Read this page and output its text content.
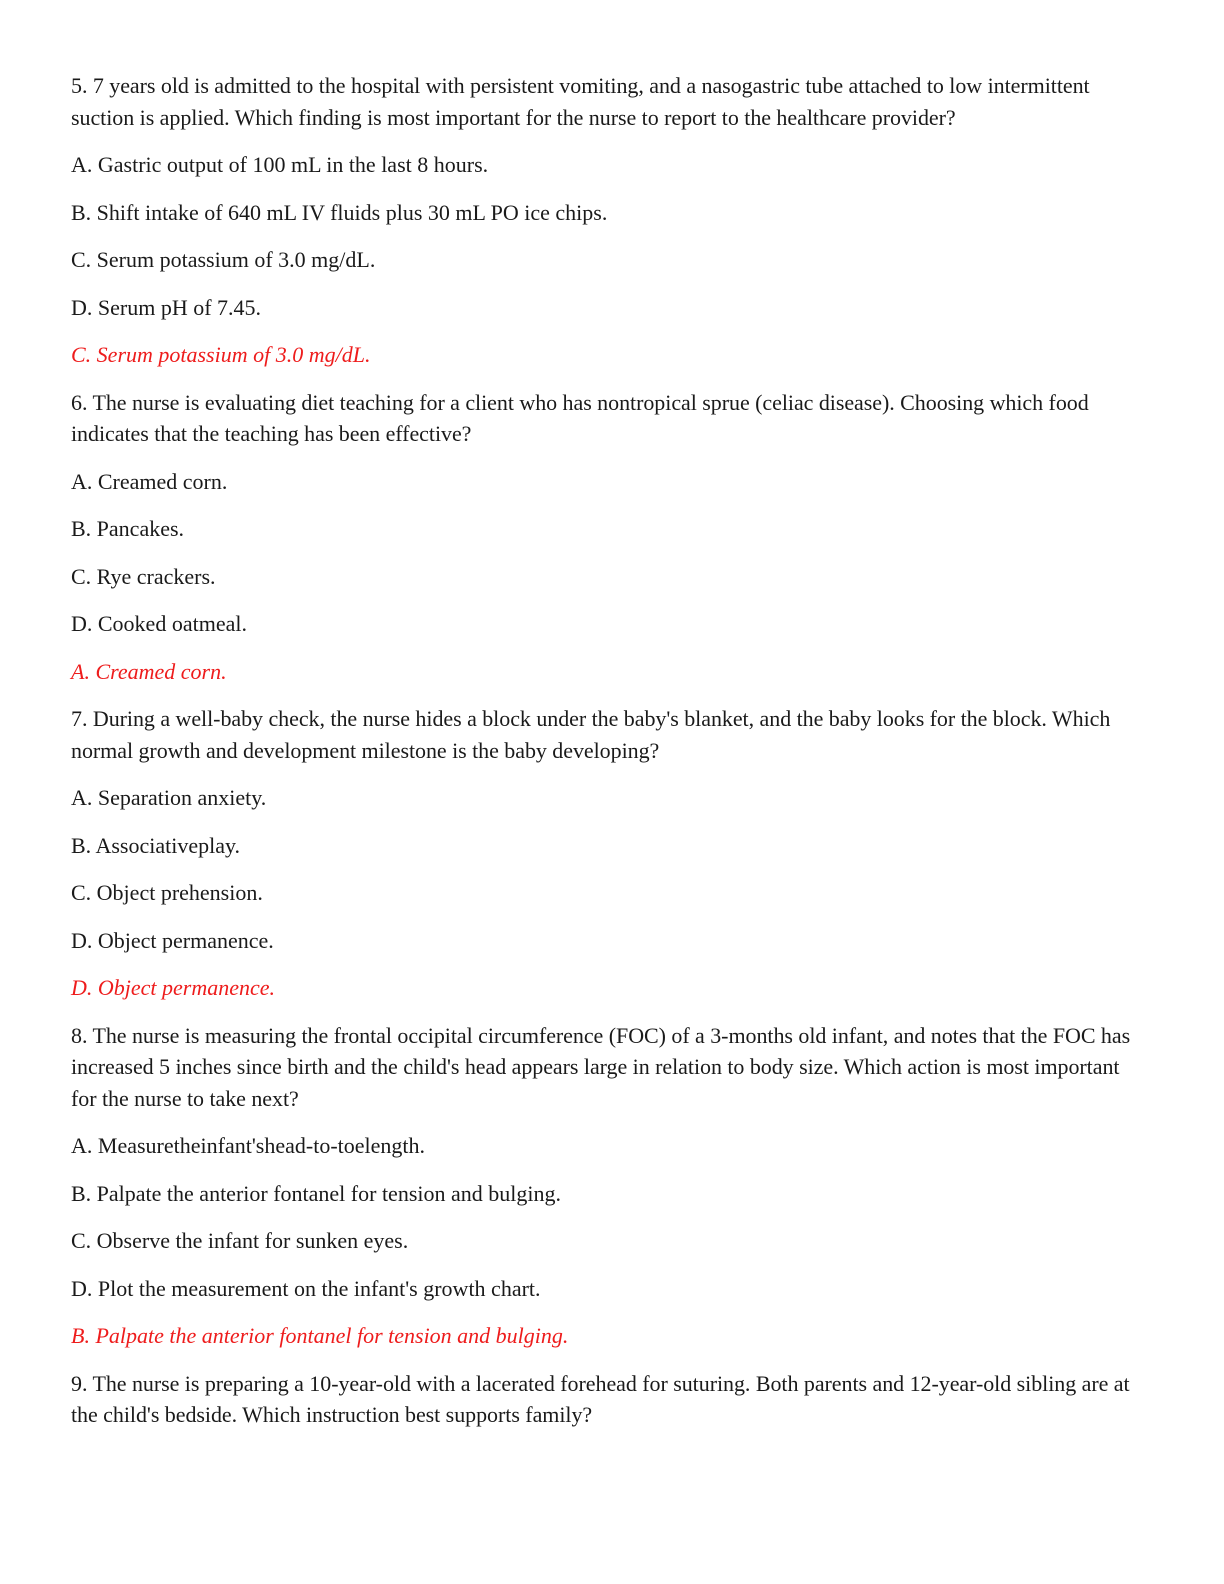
5. 7 years old is admitted to the hospital with persistent vomiting, and a nasogastric tube attached to low intermittent suction is applied. Which finding is most important for the nurse to report to the healthcare provider?

A. Gastric output of 100 mL in the last 8 hours.

B. Shift intake of 640 mL IV fluids plus 30 mL PO ice chips.

C. Serum potassium of 3.0 mg/dL.

D. Serum pH of 7.45.

C. Serum potassium of 3.0 mg/dL.

6. The nurse is evaluating diet teaching for a client who has nontropical sprue (celiac disease). Choosing which food indicates that the teaching has been effective?

A. Creamed corn.

B. Pancakes.

C. Rye crackers.

D. Cooked oatmeal.

A. Creamed corn.

7. During a well-baby check, the nurse hides a block under the baby's blanket, and the baby looks for the block. Which normal growth and development milestone is the baby developing?

A. Separation anxiety.

B. Associativeplay.

C. Object prehension.

D. Object permanence.

D. Object permanence.

8. The nurse is measuring the frontal occipital circumference (FOC) of a 3-months old infant, and notes that the FOC has increased 5 inches since birth and the child's head appears large in relation to body size. Which action is most important for the nurse to take next?

A. Measuretheinfant'shead-to-toelength.

B. Palpate the anterior fontanel for tension and bulging.

C. Observe the infant for sunken eyes.

D. Plot the measurement on the infant's growth chart.

B. Palpate the anterior fontanel for tension and bulging.

9. The nurse is preparing a 10-year-old with a lacerated forehead for suturing. Both parents and 12-year-old sibling are at the child's bedside. Which instruction best supports family?
